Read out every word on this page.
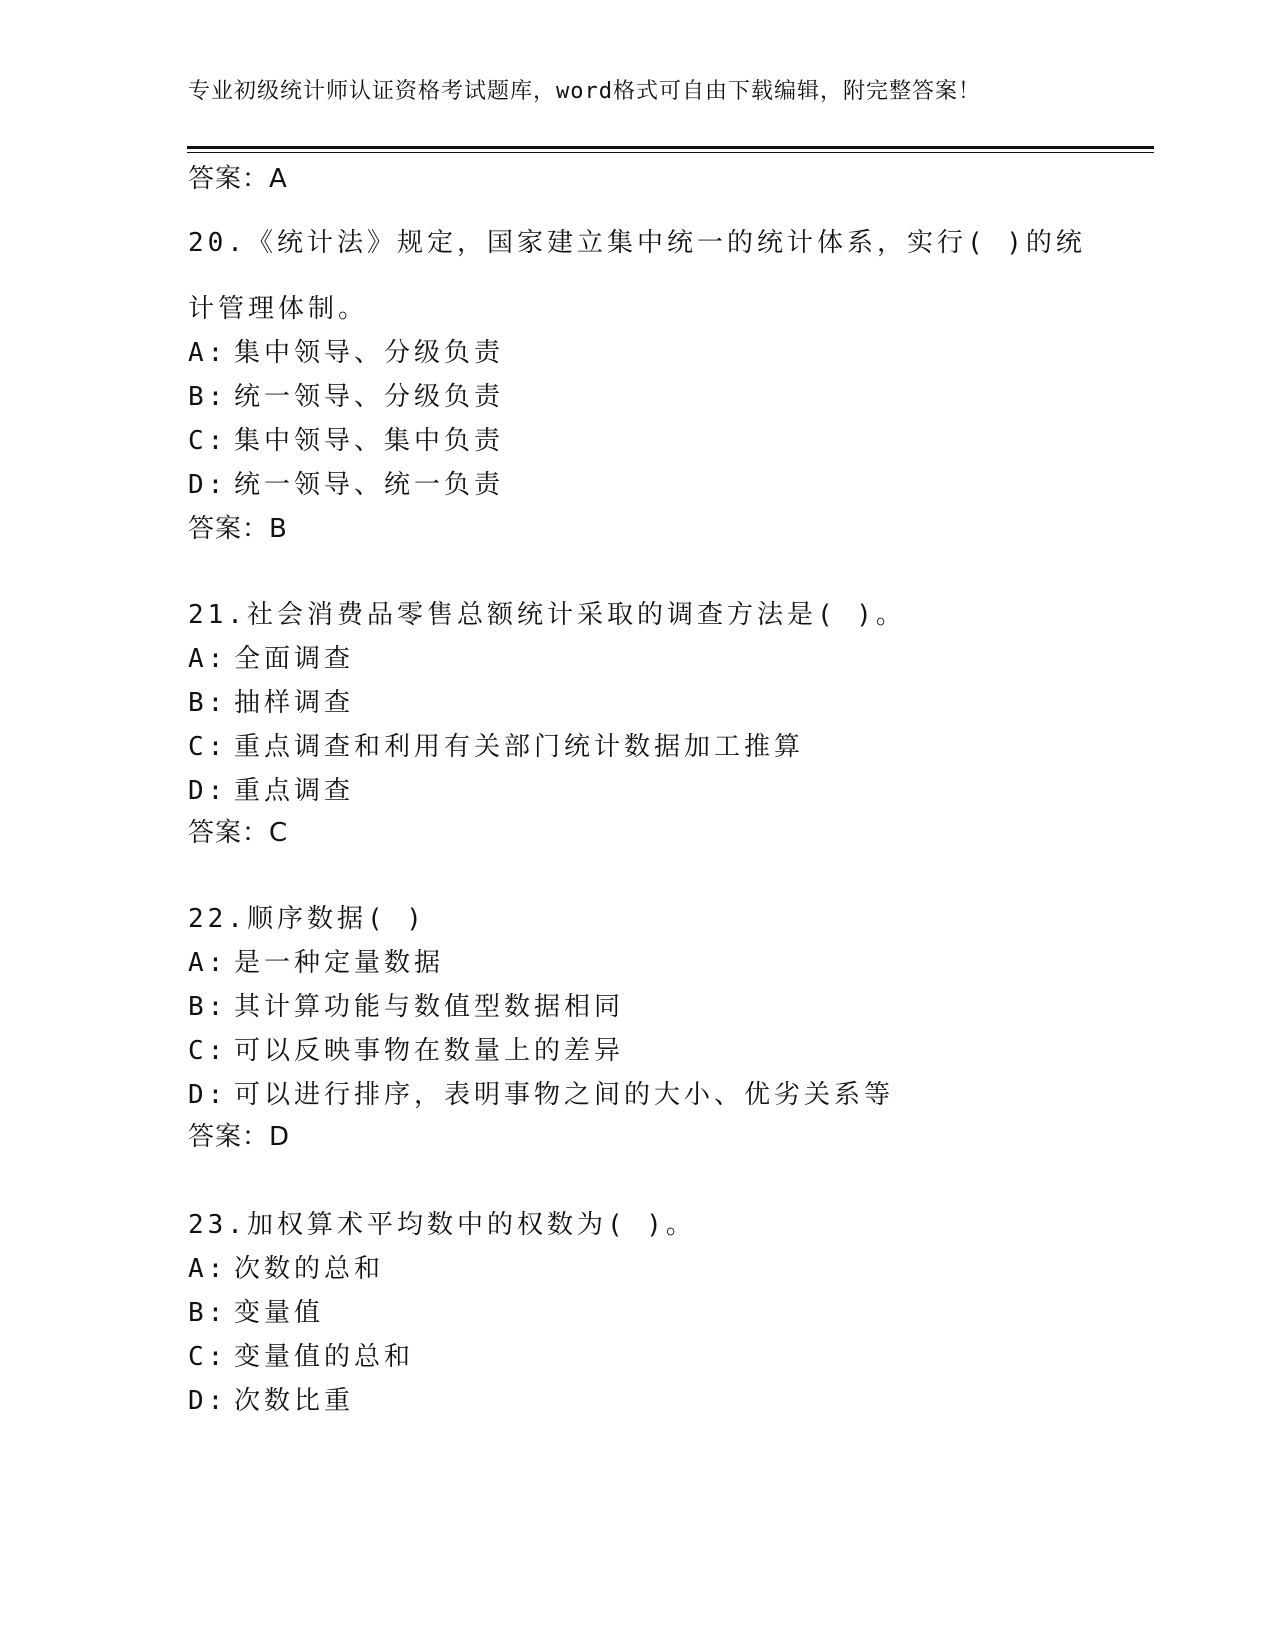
专业初级统计师认证资格考试题库，word格式可自由下载编辑，附完整答案！
答案：A
20.《统计法》规定，国家建立集中统一的统计体系，实行( )的统
计管理体制。
A: 集中领导、分级负责
B: 统一领导、分级负责
C: 集中领导、集中负责
D: 统一领导、统一负责
答案：B
21.社会消费品零售总额统计采取的调查方法是( )。
A: 全面调查
B: 抽样调查
C: 重点调查和利用有关部门统计数据加工推算
D: 重点调查
答案：C
22.顺序数据( )
A: 是一种定量数据
B: 其计算功能与数值型数据相同
C: 可以反映事物在数量上的差异
D: 可以进行排序，表明事物之间的大小、优劣关系等
答案：D
23.加权算术平均数中的权数为( )。
A: 次数的总和
B: 变量值
C: 变量值的总和
D: 次数比重
